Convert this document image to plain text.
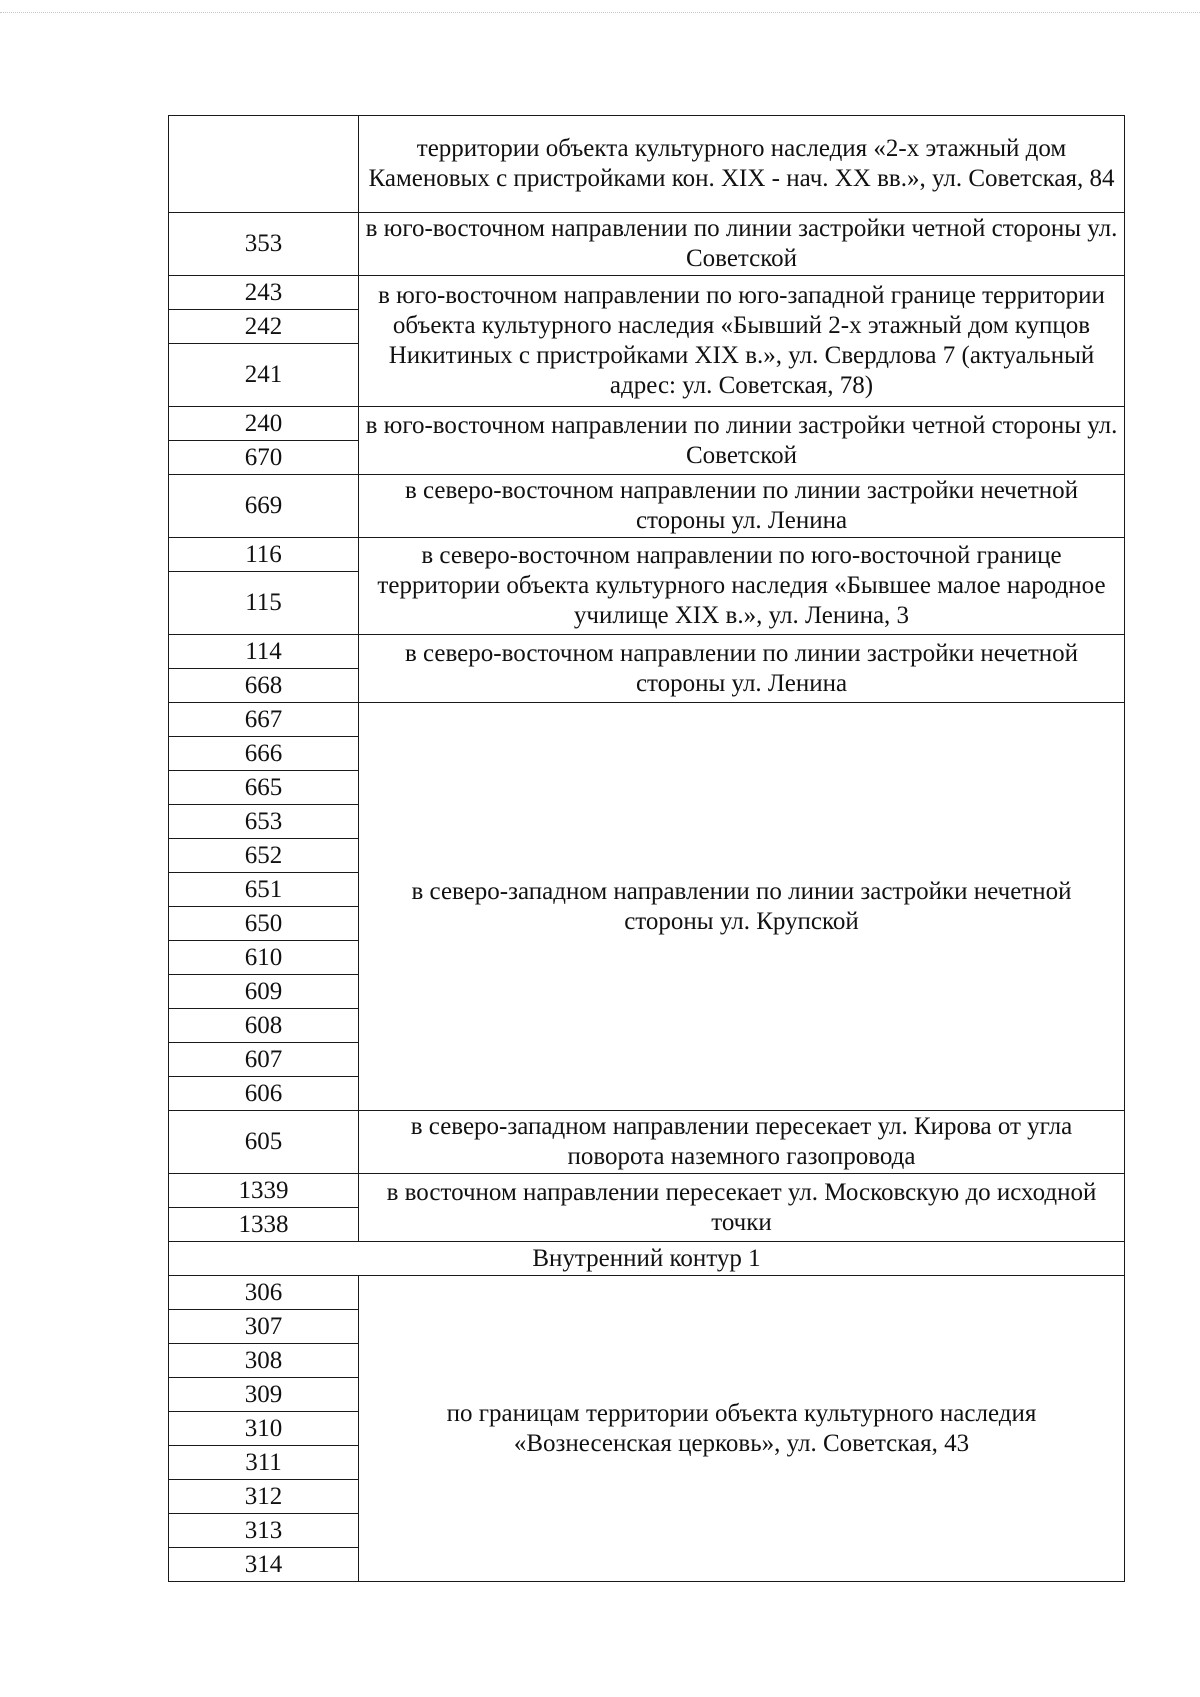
	территории объекта культурного наследия «2-х этажный дом Каменовых с пристройками кон. XIX - нач. XX вв.», ул. Советская, 84
353	в юго-восточном направлении по линии застройки четной стороны ул. Советской
243	в юго-восточном направлении по юго-западной границе территории объекта культурного наследия «Бывший 2-х этажный дом купцов Никитиных с пристройками XIX в.», ул. Свердлова 7 (актуальный адрес: ул. Советская, 78)
242	
241	
240	в юго-восточном направлении по линии застройки четной стороны ул. Советской
670	
669	в северо-восточном направлении по линии застройки нечетной стороны ул. Ленина
116	в северо-восточном направлении по юго-восточной границе территории объекта культурного наследия «Бывшее малое народное училище XIX в.», ул. Ленина, 3
115	
114	в северо-восточном направлении по линии застройки нечетной стороны ул. Ленина
668	
667	в северо-западном направлении по линии застройки нечетной стороны ул. Крупской
666	
665	
653	
652	
651	
650	
610	
609	
608	
607	
606	
605	в северо-западном направлении пересекает ул. Кирова от угла поворота наземного газопровода
1339	в восточном направлении пересекает ул. Московскую до исходной точки
1338	
Внутренний контур 1	
306	по границам территории объекта культурного наследия «Вознесенская церковь», ул. Советская, 43
307	
308	
309	
310	
311	
312	
313	
314	
